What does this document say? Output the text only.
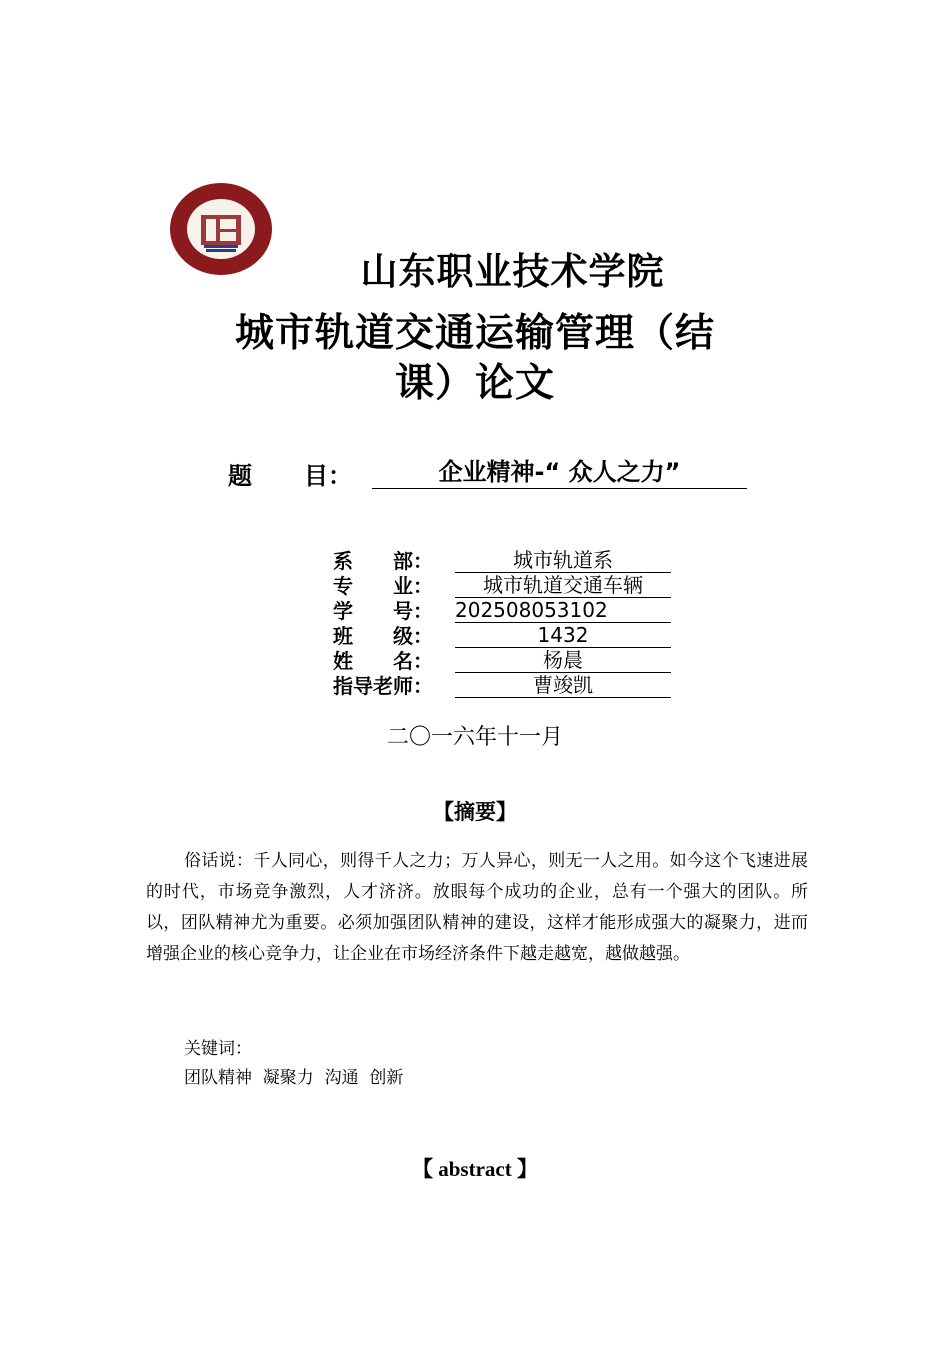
山东职业技术学院
城市轨道交通运输管理（结
课）论文
题 目：	企业精神-“ 众人之力”
系　　部：	城市轨道系
专　　业：	城市轨道交通车辆
学　　号：	202508053102
班　　级：	1432
姓　　名：	杨晨
指导老师：	曹竣凯
二〇一六年十一月
【摘要】
俗话说：千人同心，则得千人之力；万人异心，则无一人之用。如今这个飞速进展的时代，市场竞争激烈，人才济济。放眼每个成功的企业，总有一个强大的团队。所以，团队精神尤为重要。必须加强团队精神的建设，这样才能形成强大的凝聚力，进而增强企业的核心竞争力，让企业在市场经济条件下越走越宽，越做越强。
关键词：
团队精神  凝聚力  沟通  创新
【 abstract 】
